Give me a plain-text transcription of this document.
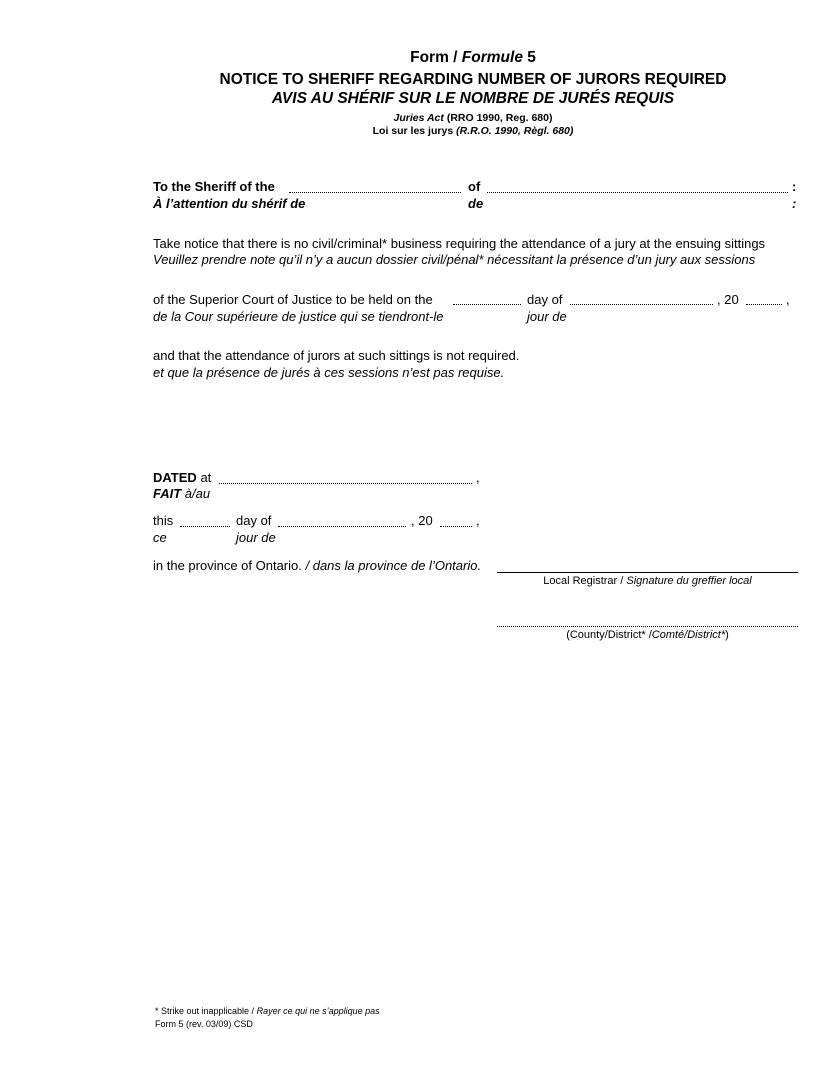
Form / Formule 5
NOTICE TO SHERIFF REGARDING NUMBER OF JURORS REQUIRED
AVIS AU SHÉRIF SUR LE NOMBRE DE JURÉS REQUIS
Juries Act (RRO 1990, Reg. 680)
Loi sur les jurys (R.R.O. 1990, Règl. 680)
To the Sheriff of the
À l’attention du shérif de
of
de
:
:
Take notice that there is no civil/criminal* business requiring the attendance of a jury at the ensuing sittings
Veuillez prendre note qu’il n’y a aucun dossier civil/pénal* nécessitant la présence d’un jury aux sessions
of the Superior Court of Justice to be held on the
de la Cour supérieure de justice qui se tiendront-le
day of
jour de
, 20	,
and that the attendance of jurors at such sittings is not required.
et que la présence de jurés à ces sessions n’est pas requise.
DATED at
FAIT à/au
,
this
ce
day of
jour de
, 20	,
in the province of Ontario. / dans la province de l’Ontario.
Local Registrar / Signature du greffier local
(County/District* /Comté/District*)
* Strike out inapplicable / Rayer ce qui ne s’applique pas
Form 5 (rev. 03/09) CSD
